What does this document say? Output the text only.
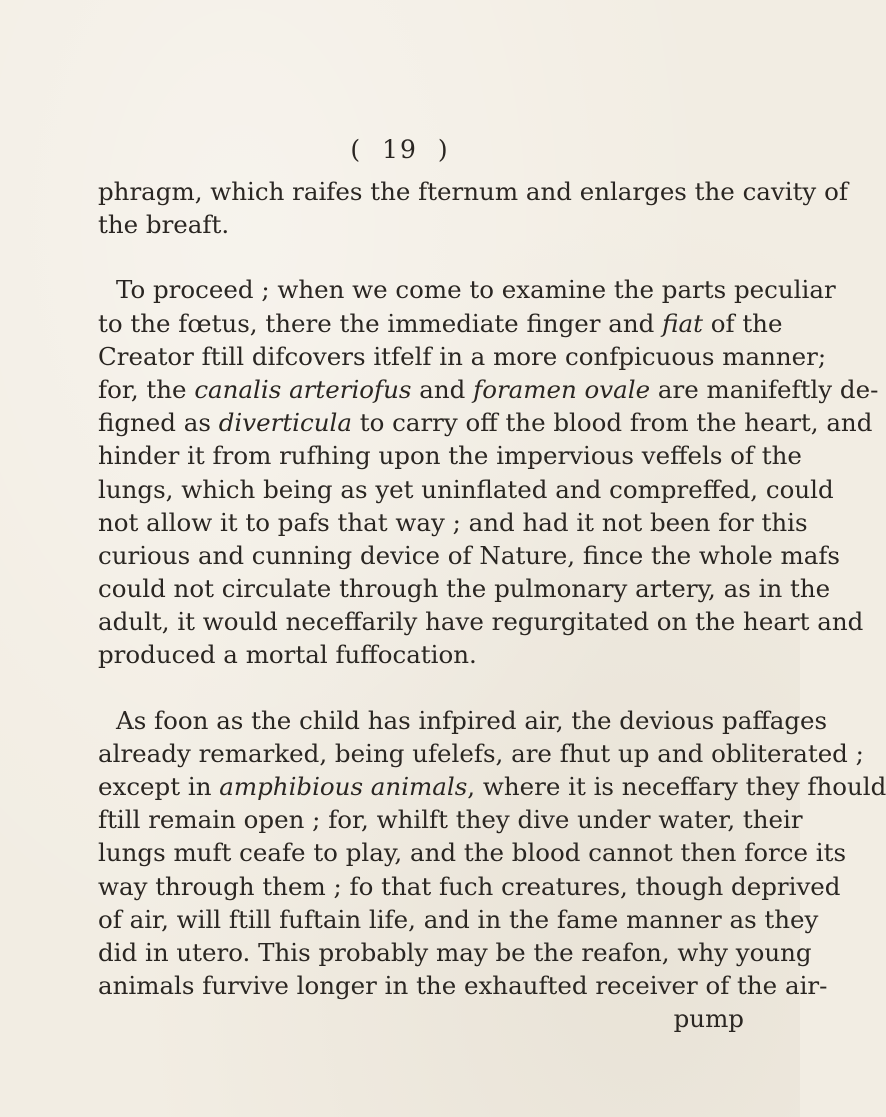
( 19 )
phragm, which raifes the fternum and enlarges the cavity of
the breaft.
To proceed ; when we come to examine the parts peculiar
to the fœtus, there the immediate finger and fiat of the
Creator ftill difcovers itfelf in a more confpicuous manner;
for, the canalis arteriofus and foramen ovale are manifeftly de-
figned as diverticula to carry off the blood from the heart, and
hinder it from rufhing upon the impervious veffels of the
lungs, which being as yet uninflated and compreffed, could
not allow it to pafs that way ; and had it not been for this
curious and cunning device of Nature, fince the whole mafs
could not circulate through the pulmonary artery, as in the
adult, it would neceffarily have regurgitated on the heart and
produced a mortal fuffocation.
As foon as the child has infpired air, the devious paffages
already remarked, being ufelefs, are fhut up and obliterated ;
except in amphibious animals, where it is neceffary they fhould
ftill remain open ; for, whilft they dive under water, their
lungs muft ceafe to play, and the blood cannot then force its
way through them ; fo that fuch creatures, though deprived
of air, will ftill fuftain life, and in the fame manner as they
did in utero. This probably may be the reafon, why young
animals furvive longer in the exhaufted receiver of the air-
pump
